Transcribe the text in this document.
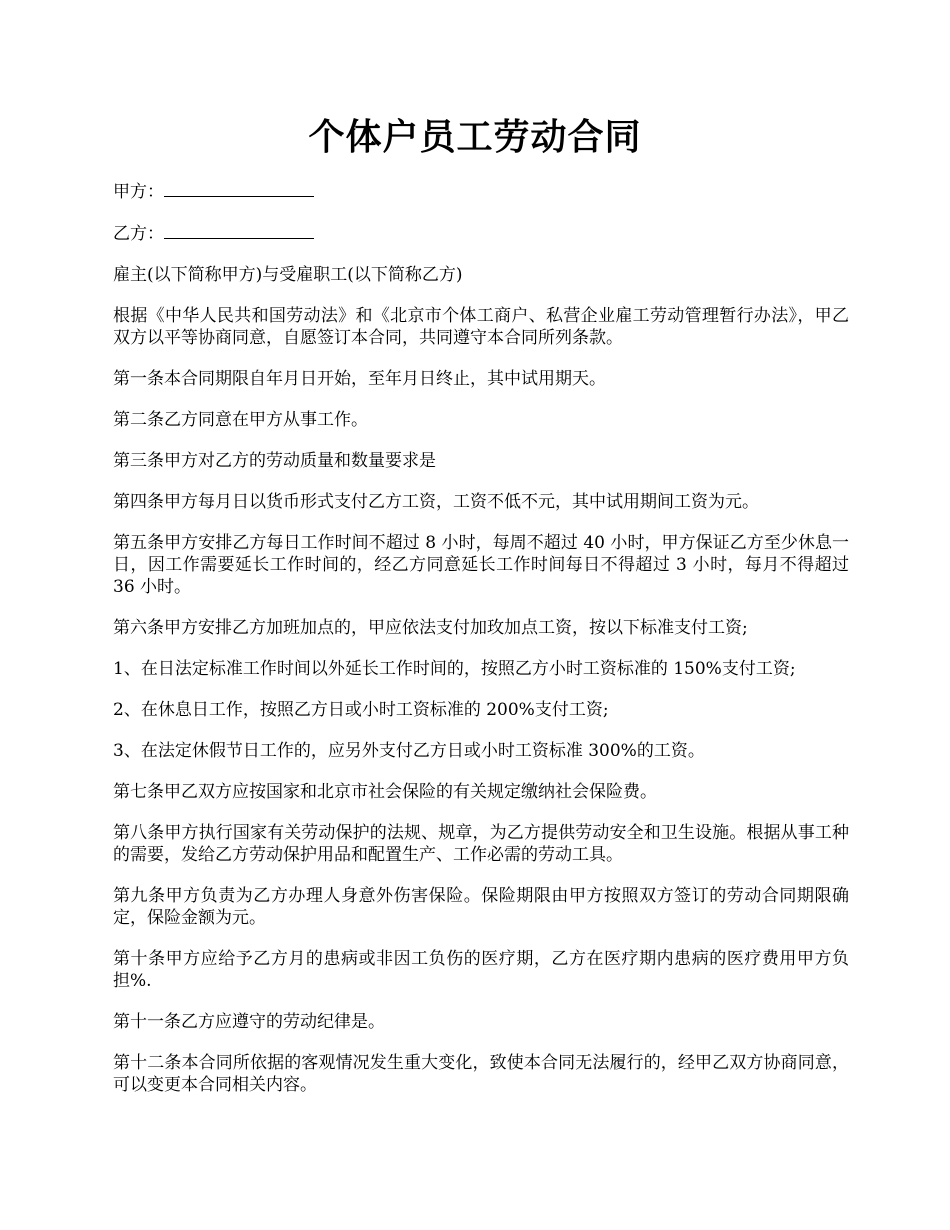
个体户员工劳动合同

甲方：

乙方：

雇主(以下简称甲方)与受雇职工(以下简称乙方)

根据《中华人民共和国劳动法》和《北京市个体工商户、私营企业雇工劳动管理暂行办法》，甲乙双方以平等协商同意，自愿签订本合同，共同遵守本合同所列条款。

第一条本合同期限自年月日开始，至年月日终止，其中试用期天。

第二条乙方同意在甲方从事工作。

第三条甲方对乙方的劳动质量和数量要求是

第四条甲方每月日以货币形式支付乙方工资，工资不低不元，其中试用期间工资为元。

第五条甲方安排乙方每日工作时间不超过 8 小时，每周不超过 40 小时，甲方保证乙方至少休息一日，因工作需要延长工作时间的，经乙方同意延长工作时间每日不得超过 3 小时，每月不得超过 36 小时。

第六条甲方安排乙方加班加点的，甲应依法支付加玫加点工资，按以下标准支付工资;

1、在日法定标准工作时间以外延长工作时间的，按照乙方小时工资标准的 150%支付工资;

2、在休息日工作，按照乙方日或小时工资标准的 200%支付工资;

3、在法定休假节日工作的，应另外支付乙方日或小时工资标准 300%的工资。

第七条甲乙双方应按国家和北京市社会保险的有关规定缴纳社会保险费。

第八条甲方执行国家有关劳动保护的法规、规章，为乙方提供劳动安全和卫生设施。根据从事工种的需要，发给乙方劳动保护用品和配置生产、工作必需的劳动工具。

第九条甲方负责为乙方办理人身意外伤害保险。保险期限由甲方按照双方签订的劳动合同期限确定，保险金额为元。

第十条甲方应给予乙方月的患病或非因工负伤的医疗期，乙方在医疗期内患病的医疗费用甲方负担%.

第十一条乙方应遵守的劳动纪律是。

第十二条本合同所依据的客观情况发生重大变化，致使本合同无法履行的，经甲乙双方协商同意，可以变更本合同相关内容。
